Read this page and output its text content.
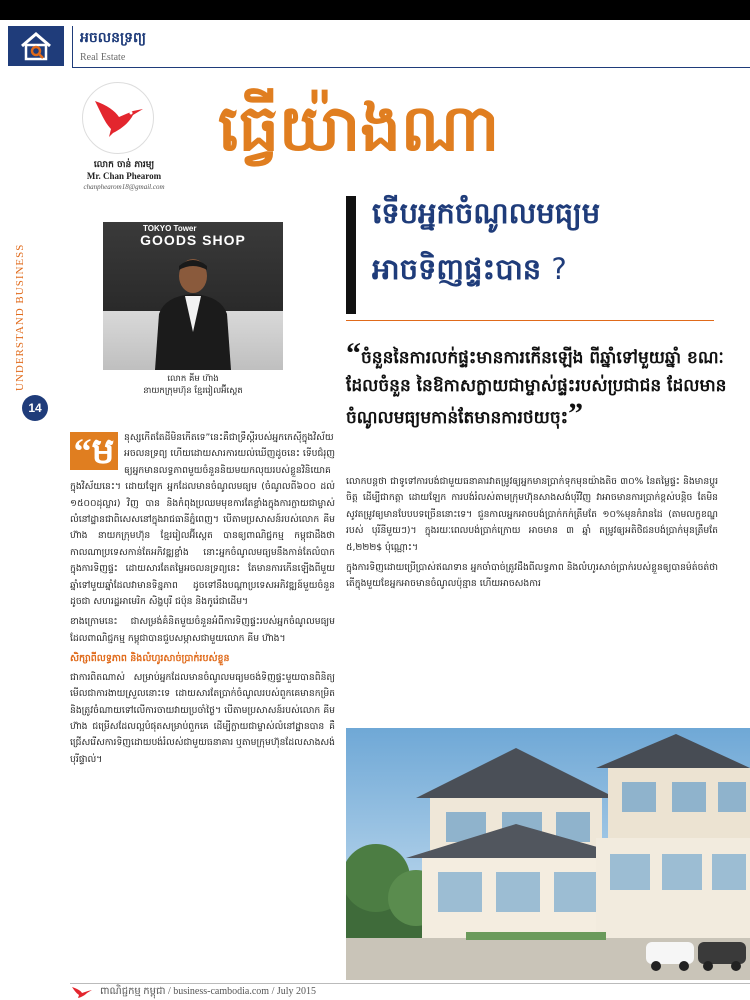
អចលនទ្រព្យ
Real Estate
UNDERSTAND BUSINESS
14
លោក ចាន់ ភារម្យ
Mr. Chan Phearom
chanphearom18@gmail.com
ធ្វើយ៉ាងណា
TOKYO Tower
GOODS SHOP
លោក គីម ហ៊ាង
នាយកក្រុមហ៊ុន ខ្មែររៀលអ៊ីស្តេត
ទើបអ្នកចំណូលមធ្យម
អាចទិញផ្ទះបាន ?
“ចំនួននៃការលក់ផ្ទះមានការកើនឡើង ពីឆ្នាំទៅមួយឆ្នាំ ខណៈដែលចំនួន នៃឱកាសក្លាយជាម្ចាស់ផ្ទះរបស់ប្រជាជន ដែលមានចំណូលមធ្យមកាន់តែមានការថយចុះ”
“ម	នុស្សកើតតែដីមិនកើតទេ”នេះគឺជាទ្រឹស្តីរបស់អ្នកកេស៊ីក្នុងវិស័យអចលនទ្រព្យ ហើយដោយសារការយល់ឃើញដូចនេះ ទើបជំរុញឲ្យអ្នកមានលទ្ធភាពមួយចំនួននិយមយកលុយរបស់ខ្លួនវិនិយោគក្នុងវិស័យនេះ។ ដោយឡែក អ្នកដែលមានចំណូលមធ្យម (ចំណូលពី៦០០ ដល់ ១៥០០ដុល្លារ) វិញ បាន និងកំពុងប្រឈមមុខការតែខ្លាំងក្នុងការក្លាយជាម្ចាស់លំនៅដ្ឋានជាពិសេសនៅក្នុងរាជធានីភ្នំពេញ។ បើតាមប្រសាសន៍របស់លោក គីម ហ៊ាង នាយកក្រុមហ៊ុន ខ្មែររៀលអ៊ីស្តេត បានឲ្យពាណិជ្ជកម្ម កម្ពុជាដឹងថា កាលណាប្រទេសកាន់តែអភិវឌ្ឍខ្លាំង នោះអ្នកចំណូលមធ្យមនឹងកាន់តែលំបាកក្នុងការទិញផ្ទះ ដោយសារតែតម្លៃអចលនទ្រព្យនេះ តែមានការកើនឡើងពីមួយឆ្នាំទៅមួយឆ្នាំដែលវាមានទិន្នភាព ដូចទៅនឹងបណ្តាប្រទេសអភិវឌ្ឍន៍មួយចំនួនដូចជា សហរដ្ឋអាមេរិក សិង្ហបុរី ជប៉ុន និងកូរ៉េជាដើម។

ខាងក្រោមនេះ ជាសម្រង់គំនិតមួយចំនួនអំពីការទិញផ្ទះរបស់អ្នកចំណូលមធ្យម ដែលពាណិជ្ជកម្ម កម្ពុជាបានជួបសម្ភាសជាមួយលោក គីម ហ៊ាង។

សិក្សាពីលទ្ធភាព និងលំហូរសាច់ប្រាក់របស់ខ្លួន

ជាការពិតណាស់ សម្រាប់អ្នកដែលមានចំណូលមធ្យមចង់ទិញផ្ទះមួយបានពិនិត្យមើលជាការងាយស្រួលនោះទេ ដោយសារតែប្រាក់ចំណូលរបស់ពួកគេមានកម្រិត និងត្រូវចំណាយទៅលើការចាយវាយប្រចាំថ្ងៃ។ បើតាមប្រសាសន៍របស់លោក គីម ហ៊ាង ជម្រើសដែលល្អបំផុតសម្រាប់ពួកគេ ដើម្បីក្លាយជាម្ចាស់លំនៅដ្ឋានបាន គឺជ្រើសរើសការទិញដោយបង់រំលស់ជាមួយធនាគារ ឬតាមក្រុមហ៊ុនដែលសាងសង់បុរីផ្ទាល់។

លោកបន្តថា ជាទូទៅការបង់ជាមួយធនាគារវាតម្រូវឲ្យអ្នកមានប្រាក់ទុកមុនយ៉ាងតិច ៣០% នៃតម្លៃផ្ទះ និងមានប្តូរចិត្ត ដើម្បីជាកត្តា ដោយឡែក ការបង់រំលស់តាមក្រុមហ៊ុនសាងសង់បុរីវិញ វាអាចមានការប្រាក់ខ្ពស់បន្តិច តែមិនសូវតម្រូវឲ្យមានបែបបទច្រើននោះទេ។ ជួនកាលអ្នកអាចបង់ប្រាក់កក់ត្រឹមតែ ១០%មុនកំរានដៃ (តាមលក្ខខណ្ឌរបស់ បុរីនីមួយៗ)។ ក្នុងរយៈពេលបង់ប្រាក់ក្រោយ អាចមាន ៣ ឆ្នាំ តម្រូវឲ្យអតិថិជនបង់ប្រាក់មុនត្រឹមតែ ៥,២២២$ ប៉ុណ្ណោះ។

ក្នុងការទិញដោយប្រើប្រាស់ឥណទាន អ្នកចាំបាច់ត្រូវដឹងពីលទ្ធភាព និងលំហូរសាច់ប្រាក់របស់ខ្លួនឲ្យបានម៉ត់ចត់ថា តើក្នុងមួយខែអ្នកអាចមានចំណូលប៉ុន្មាន ហើយអាចសងការ

ពាណិជ្ជកម្ម កម្ពុជា / business-cambodia.com / July 2015
